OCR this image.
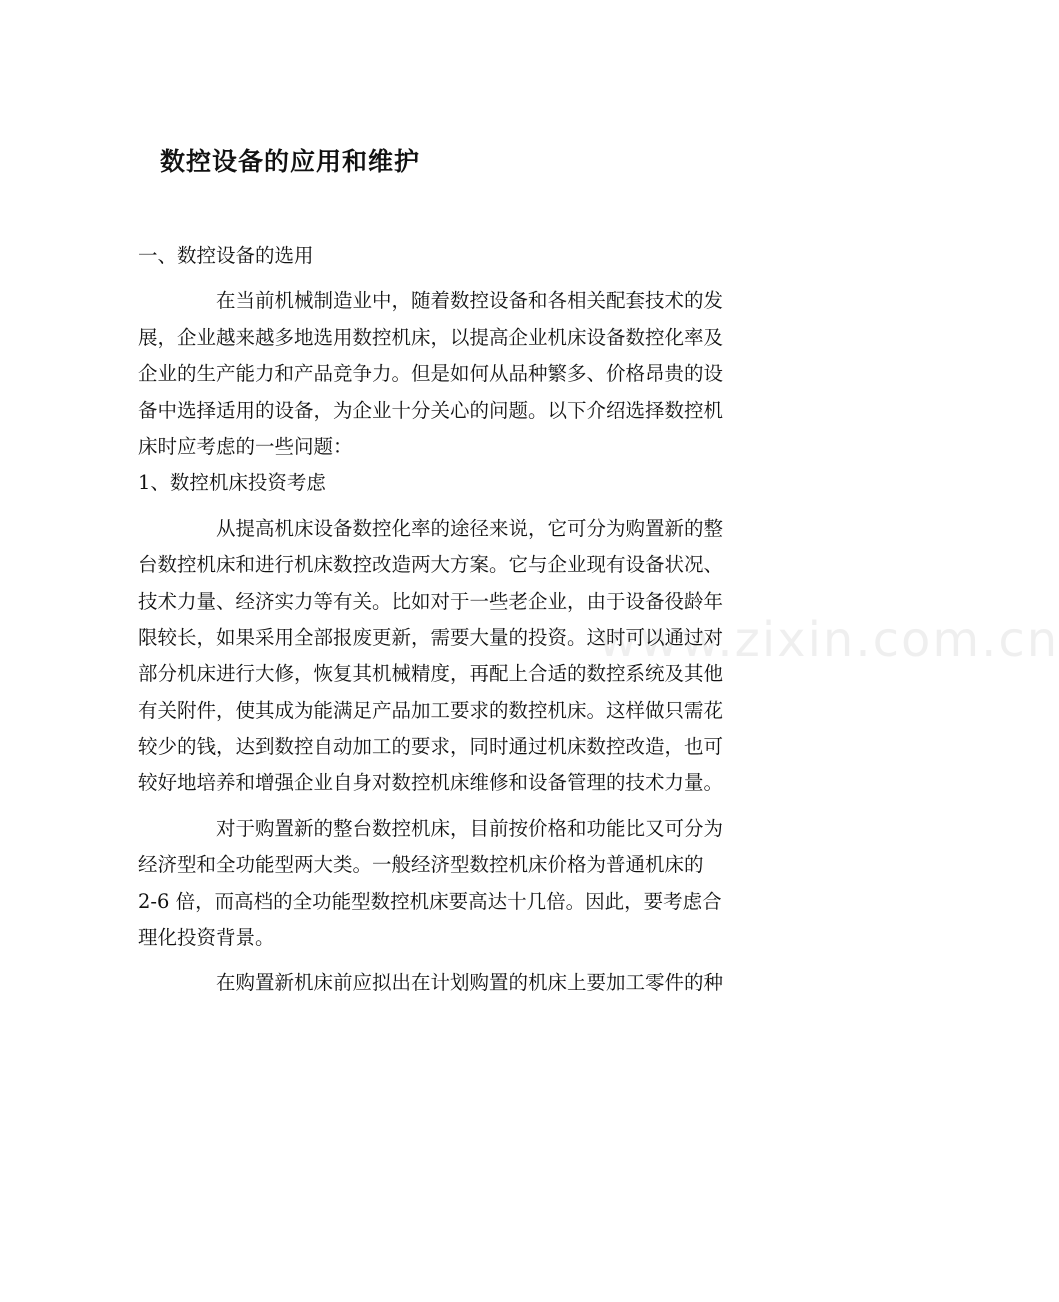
数控设备的应用和维护
www.zixin.com.cn
一、数控设备的选用
在当前机械制造业中，随着数控设备和各相关配套技术的发
展，企业越来越多地选用数控机床，以提高企业机床设备数控化率及
企业的生产能力和产品竞争力。但是如何从品种繁多、价格昂贵的设
备中选择适用的设备，为企业十分关心的问题。以下介绍选择数控机
床时应考虑的一些问题：
1、数控机床投资考虑
从提高机床设备数控化率的途径来说，它可分为购置新的整
台数控机床和进行机床数控改造两大方案。它与企业现有设备状况、
技术力量、经济实力等有关。比如对于一些老企业，由于设备役龄年
限较长，如果采用全部报废更新，需要大量的投资。这时可以通过对
部分机床进行大修，恢复其机械精度，再配上合适的数控系统及其他
有关附件，使其成为能满足产品加工要求的数控机床。这样做只需花
较少的钱，达到数控自动加工的要求，同时通过机床数控改造，也可
较好地培养和增强企业自身对数控机床维修和设备管理的技术力量。
对于购置新的整台数控机床，目前按价格和功能比又可分为
经济型和全功能型两大类。一般经济型数控机床价格为普通机床的
2-6 倍，而高档的全功能型数控机床要高达十几倍。因此，要考虑合
理化投资背景。
在购置新机床前应拟出在计划购置的机床上要加工零件的种
